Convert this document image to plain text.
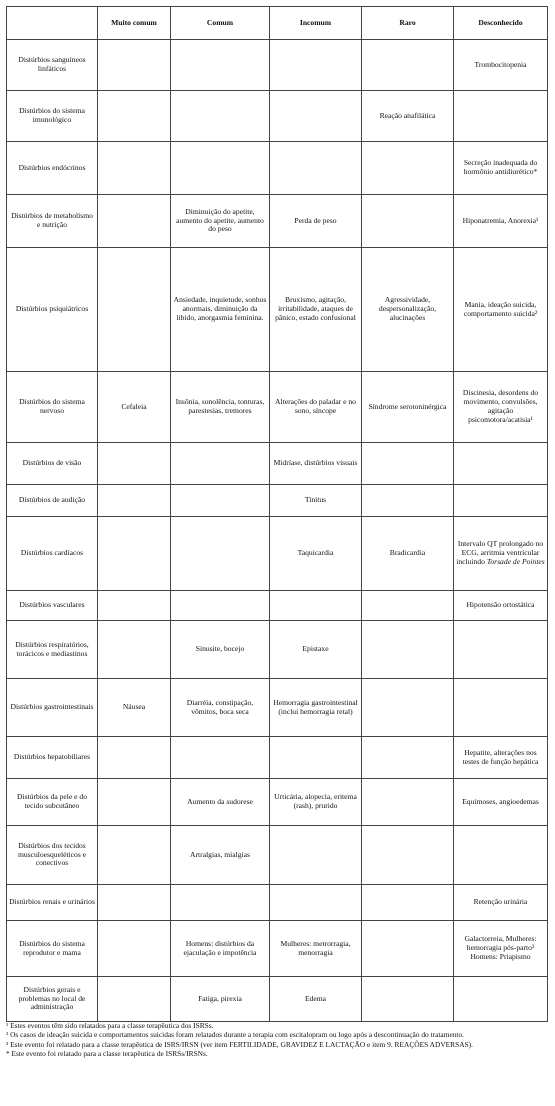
	Muito comum	Comum	Incomum	Raro	Desconhecido
Distúrbios sanguíneos linfáticos					Trombocitopenia
Distúrbios do sistema imunológico				Reação anafilática	
Distúrbios endócrinos					Secreção inadequada do hormônio antidiurético*
Distúrbios de metabolismo e nutrição		Diminuição do apetite, aumento do apetite, aumento do peso	Perda de peso		Hiponatremia, Anorexia¹
Distúrbios psiquiátricos		Ansiedade, inquietude, sonhos anormais, diminuição da libido, anorgasmia feminina.	Bruxismo, agitação, irritabilidade, ataques de pânico, estado confusional	Agressividade, despersonalização, alucinações	Mania, ideação suicida, comportamento suicida²
Distúrbios do sistema nervoso	Cefaleia	Insônia, sonolência, tonturas, parestesias, tremores	Alterações do paladar e no sono, síncope	Síndrome serotoninérgica	Discinesia, desordens do movimento, convulsões, agitação psicomotora/acatisia¹
Distúrbios de visão			Midríase, distúrbios visuais		
Distúrbios de audição			Tinitus		
Distúrbios cardíacos			Taquicardia	Bradicardia	Intervalo QT prolongado no ECG, arritmia ventricular incluindo Torsade de Pointes
Distúrbios vasculares					Hipotensão ortostática
Distúrbios respiratórios, torácicos e mediastinos		Sinusite, bocejo	Epistaxe		
Distúrbios gastrointestinais	Náusea	Diarréia, constipação, vômitos, boca seca	Hemorragia gastrointestinal (inclui hemorragia retal)		
Distúrbios hepatobiliares					Hepatite, alterações nos testes de função hepática
Distúrbios da pele e do tecido subcutâneo		Aumento da sudorese	Urticária, alopecia, eritema (rash), prurido		Equimoses, angioedemas
Distúrbios dos tecidos musculoesqueléticos e conectivos		Artralgias, mialgias			
Distúrbios renais e urinários					Retenção urinária
Distúrbios do sistema reprodutor e mama		Homens: distúrbios da ejaculação e impotência	Mulheres: metrorragia, menorragia		Galactorreia, Mulheres: hemorragia pós-parto³ Homens: Priapismo
Distúrbios gerais e problemas no local de administração		Fatiga, pirexia	Edema		

¹ Estes eventos têm sido relatados para a classe terapêutica dos ISRSs.

² Os casos de ideação suicida e comportamentos suicidas foram relatados durante a terapia com escitalopram ou logo após a descontinuação do tratamento.

³ Este evento foi relatado para a classe terapêutica de ISRS/IRSN (ver item FERTILIDADE, GRAVIDEZ E LACTAÇÃO e item 9. REAÇÕES ADVERSAS).

* Este evento foi relatado para a classe terapêutica de ISRSs/IRSNs.
